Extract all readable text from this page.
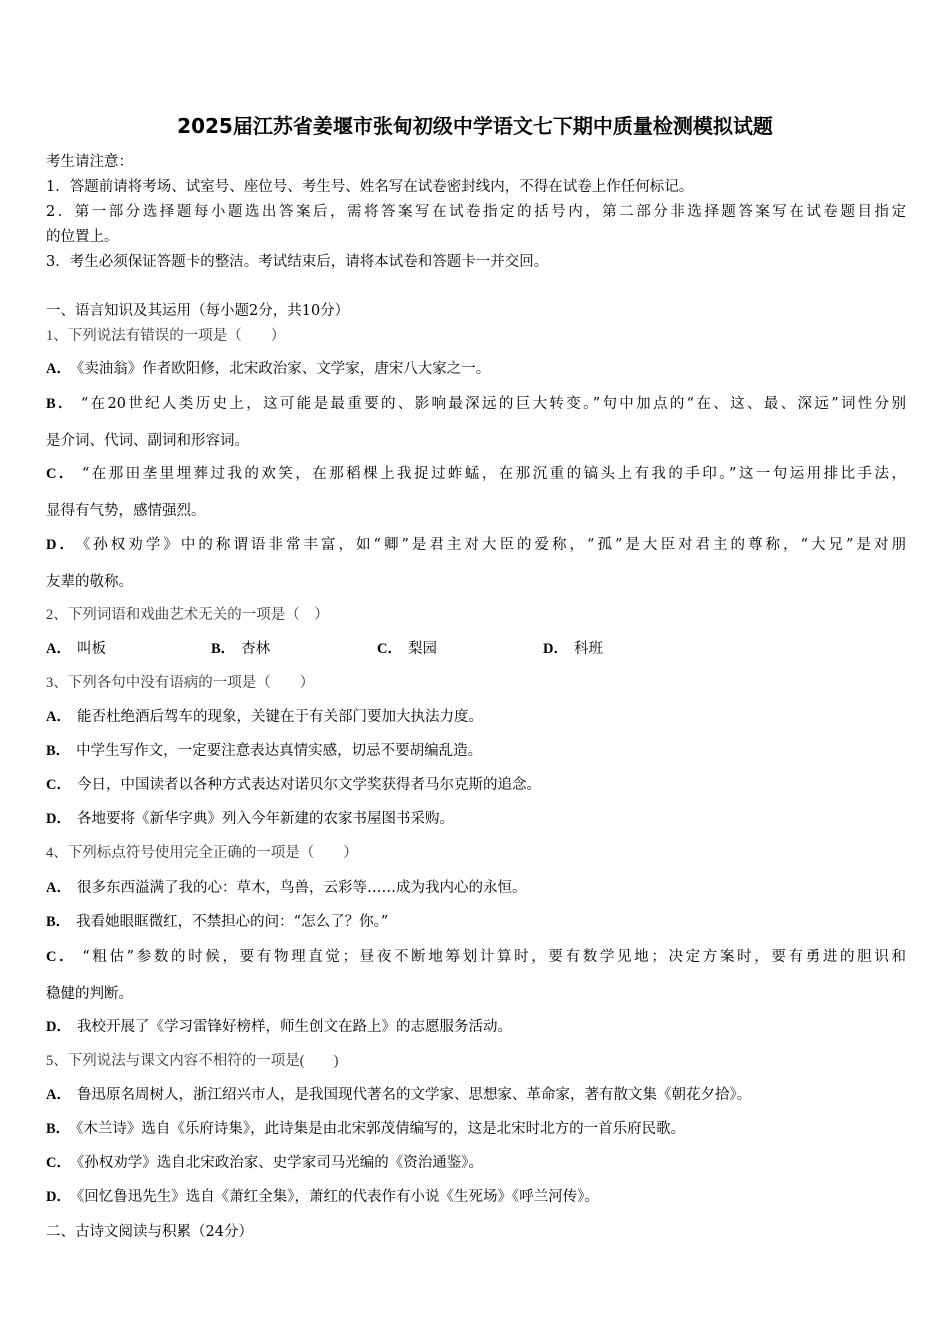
2025届江苏省姜堰市张甸初级中学语文七下期中质量检测模拟试题
考生请注意：
1．答题前请将考场、试室号、座位号、考生号、姓名写在试卷密封线内，不得在试卷上作任何标记。
2．第一部分选择题每小题选出答案后，需将答案写在试卷指定的括号内，第二部分非选择题答案写在试卷题目指定
的位置上。
3．考生必须保证答题卡的整洁。考试结束后，请将本试卷和答题卡一并交回。
一、语言知识及其运用（每小题2分，共10分）
1、下列说法有错误的一项是（　　）
A． 《卖油翁》作者欧阳修，北宋政治家、文学家，唐宋八大家之一。
B． “在20世纪人类历史上，这可能是最重要的、影响最深远的巨大转变。”句中加点的“在、这、最、深远”词性分别
是介词、代词、副词和形容词。
C． “在那田垄里埋葬过我的欢笑，在那稻棵上我捉过蚱蜢，在那沉重的镐头上有我的手印。”这一句运用排比手法，
显得有气势，感情强烈。
D． 《孙权劝学》中的称谓语非常丰富，如“卿”是君主对大臣的爱称，“孤”是大臣对君主的尊称，“大兄”是对朋
友辈的敬称。
2、下列词语和戏曲艺术无关的一项是（　）
A． 叫板	B． 杏林	C． 梨园	D． 科班
3、下列各句中没有语病的一项是（　　）
A． 能否杜绝酒后驾车的现象，关键在于有关部门要加大执法力度。
B． 中学生写作文，一定要注意表达真情实感，切忌不要胡编乱造。
C． 今日，中国读者以各种方式表达对诺贝尔文学奖获得者马尔克斯的追念。
D． 各地要将《新华字典》列入今年新建的农家书屋图书采购。
4、下列标点符号使用完全正确的一项是（　　）
A． 很多东西溢满了我的心：草木，鸟兽，云彩等……成为我内心的永恒。
B． 我看她眼眶微红，不禁担心的问：“怎么了？你。”
C． “粗估”参数的时候，要有物理直觉；昼夜不断地筹划计算时，要有数学见地；决定方案时，要有勇进的胆识和
稳健的判断。
D． 我校开展了《学习雷锋好榜样，师生创文在路上》的志愿服务活动。
5、下列说法与课文内容不相符的一项是(　　)
A． 鲁迅原名周树人，浙江绍兴市人，是我国现代著名的文学家、思想家、革命家，著有散文集《朝花夕拾》。
B． 《木兰诗》选自《乐府诗集》，此诗集是由北宋郭茂倩编写的，这是北宋时北方的一首乐府民歌。
C． 《孙权劝学》选自北宋政治家、史学家司马光编的《资治通鉴》。
D． 《回忆鲁迅先生》选自《萧红全集》，萧红的代表作有小说《生死场》《呼兰河传》。
二、古诗文阅读与积累（24分）
